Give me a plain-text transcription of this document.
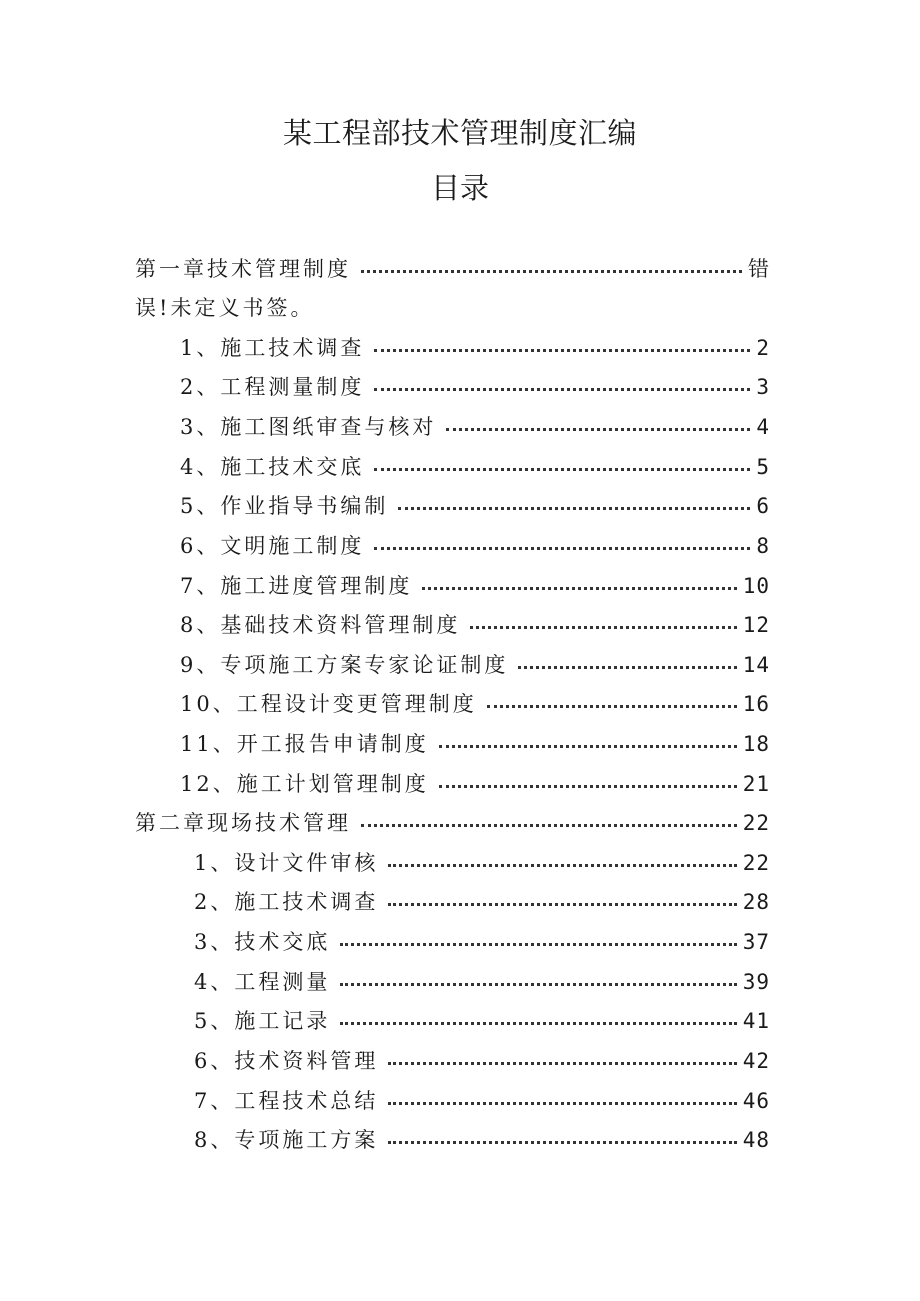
某工程部技术管理制度汇编
目录
第一章技术管理制度	错
误!未定义书签。
1、施工技术调查	2
2、工程测量制度	3
3、施工图纸审查与核对	4
4、施工技术交底	5
5、作业指导书编制	6
6、文明施工制度	8
7、施工进度管理制度	10
8、基础技术资料管理制度	12
9、专项施工方案专家论证制度	14
10、工程设计变更管理制度	16
11、开工报告申请制度	18
12、施工计划管理制度	21
第二章现场技术管理	22
1、设计文件审核	22
2、施工技术调查	28
3、技术交底	37
4、工程测量	39
5、施工记录	41
6、技术资料管理	42
7、工程技术总结	46
8、专项施工方案	48
